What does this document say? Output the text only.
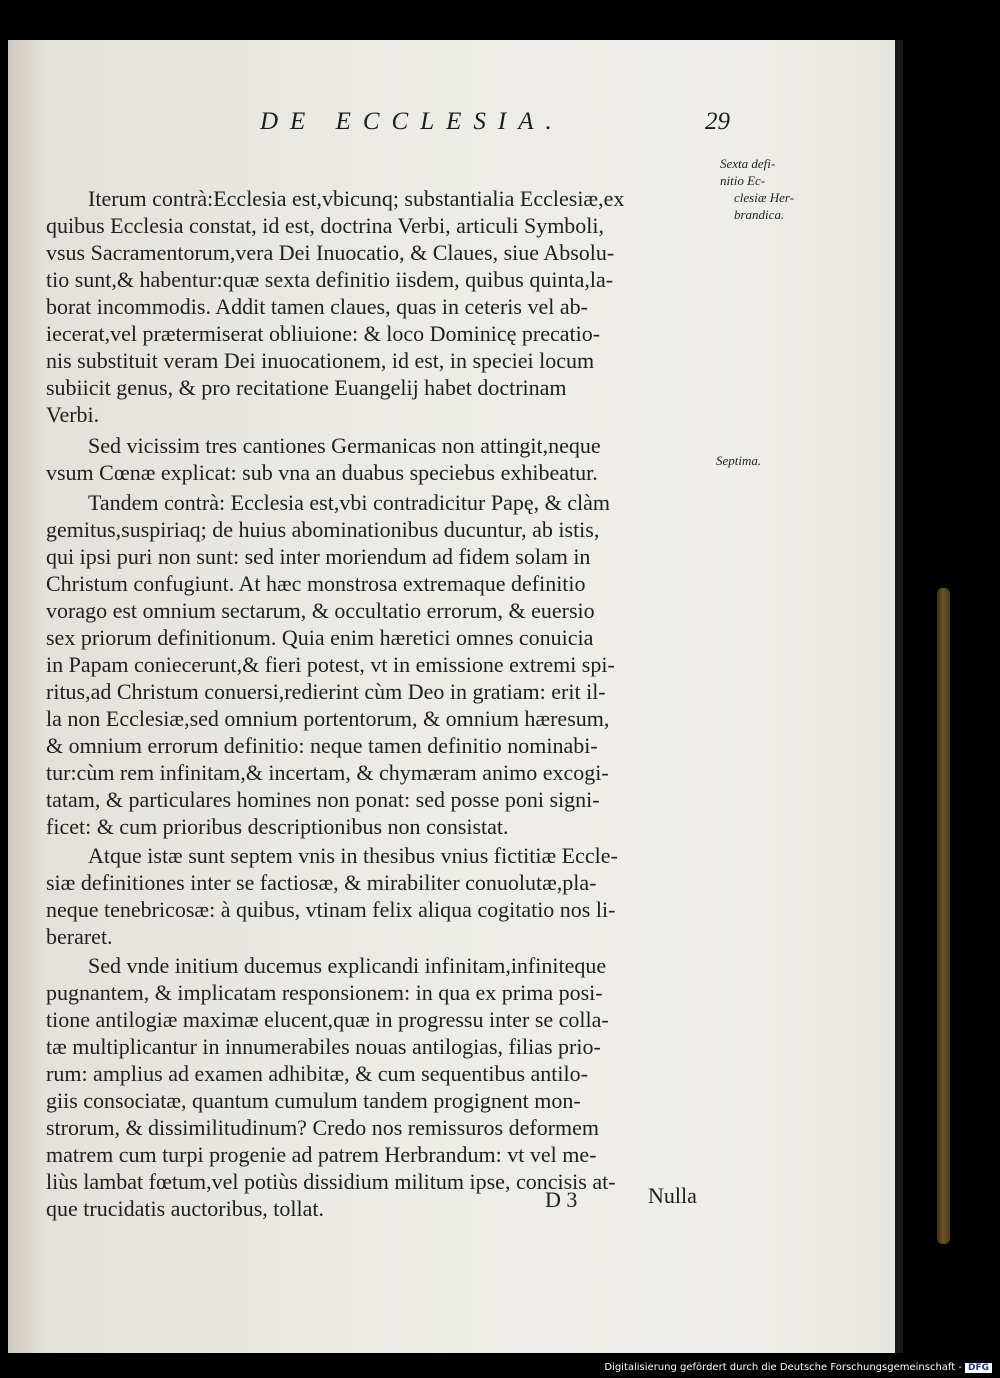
DE ECCLESIA.	29
Iterum contrà:Ecclesia est,vbicunq; substantialia Ecclesiæ,ex
quibus Ecclesia constat, id est, doctrina Verbi, articuli Symboli,
vsus Sacramentorum,vera Dei Inuocatio, & Claues, siue Absolu-
tio sunt,& habentur:quæ sexta definitio iisdem, quibus quinta,la-
borat incommodis. Addit tamen claues, quas in ceteris vel ab-
iecerat,vel prætermiserat obliuione: & loco Dominicę precatio-
nis substituit veram Dei inuocationem, id est, in speciei locum
subiicit genus, & pro recitatione Euangelij habet doctrinam
Verbi.
Sed vicissim tres cantiones Germanicas non attingit,neque
vsum Cœnæ explicat: sub vna an duabus speciebus exhibeatur.
Tandem contrà: Ecclesia est,vbi contradicitur Papę, & clàm
gemitus,suspiriaq; de huius abominationibus ducuntur, ab istis,
qui ipsi puri non sunt: sed inter moriendum ad fidem solam in
Christum confugiunt. At hæc monstrosa extremaque definitio
vorago est omnium sectarum, & occultatio errorum, & euersio
sex priorum definitionum. Quia enim hæretici omnes conuicia
in Papam coniecerunt,& fieri potest, vt in emissione extremi spi-
ritus,ad Christum conuersi,redierint cùm Deo in gratiam: erit il-
la non Ecclesiæ,sed omnium portentorum, & omnium hæresum,
& omnium errorum definitio: neque tamen definitio nominabi-
tur:cùm rem infinitam,& incertam, & chymæram animo excogi-
tatam, & particulares homines non ponat: sed posse poni signi-
ficet: & cum prioribus descriptionibus non consistat.
Atque istæ sunt septem vnis in thesibus vnius fictitiæ Eccle-
siæ definitiones inter se factiosæ, & mirabiliter conuolutæ,pla-
neque tenebricosæ: à quibus, vtinam felix aliqua cogitatio nos li-
beraret.
Sed vnde initium ducemus explicandi infinitam,infiniteque
pugnantem, & implicatam responsionem: in qua ex prima posi-
tione antilogiæ maximæ elucent,quæ in progressu inter se colla-
tæ multiplicantur in innumerabiles nouas antilogias, filias prio-
rum: amplius ad examen adhibitæ, & cum sequentibus antilo-
giis consociatæ, quantum cumulum tandem progignent mon-
strorum, & dissimilitudinum? Credo nos remissuros deformem
matrem cum turpi progenie ad patrem Herbrandum: vt vel me-
liùs lambat fœtum,vel potiùs dissidium militum ipse, concisis at-
que trucidatis auctoribus, tollat.
Sexta defi-
nitio Ec-
clesiæ Her-
brandica.
Septima.
D 3	Nulla
Digitalisierung gefördert durch die Deutsche Forschungsgemeinschaft - DFG
